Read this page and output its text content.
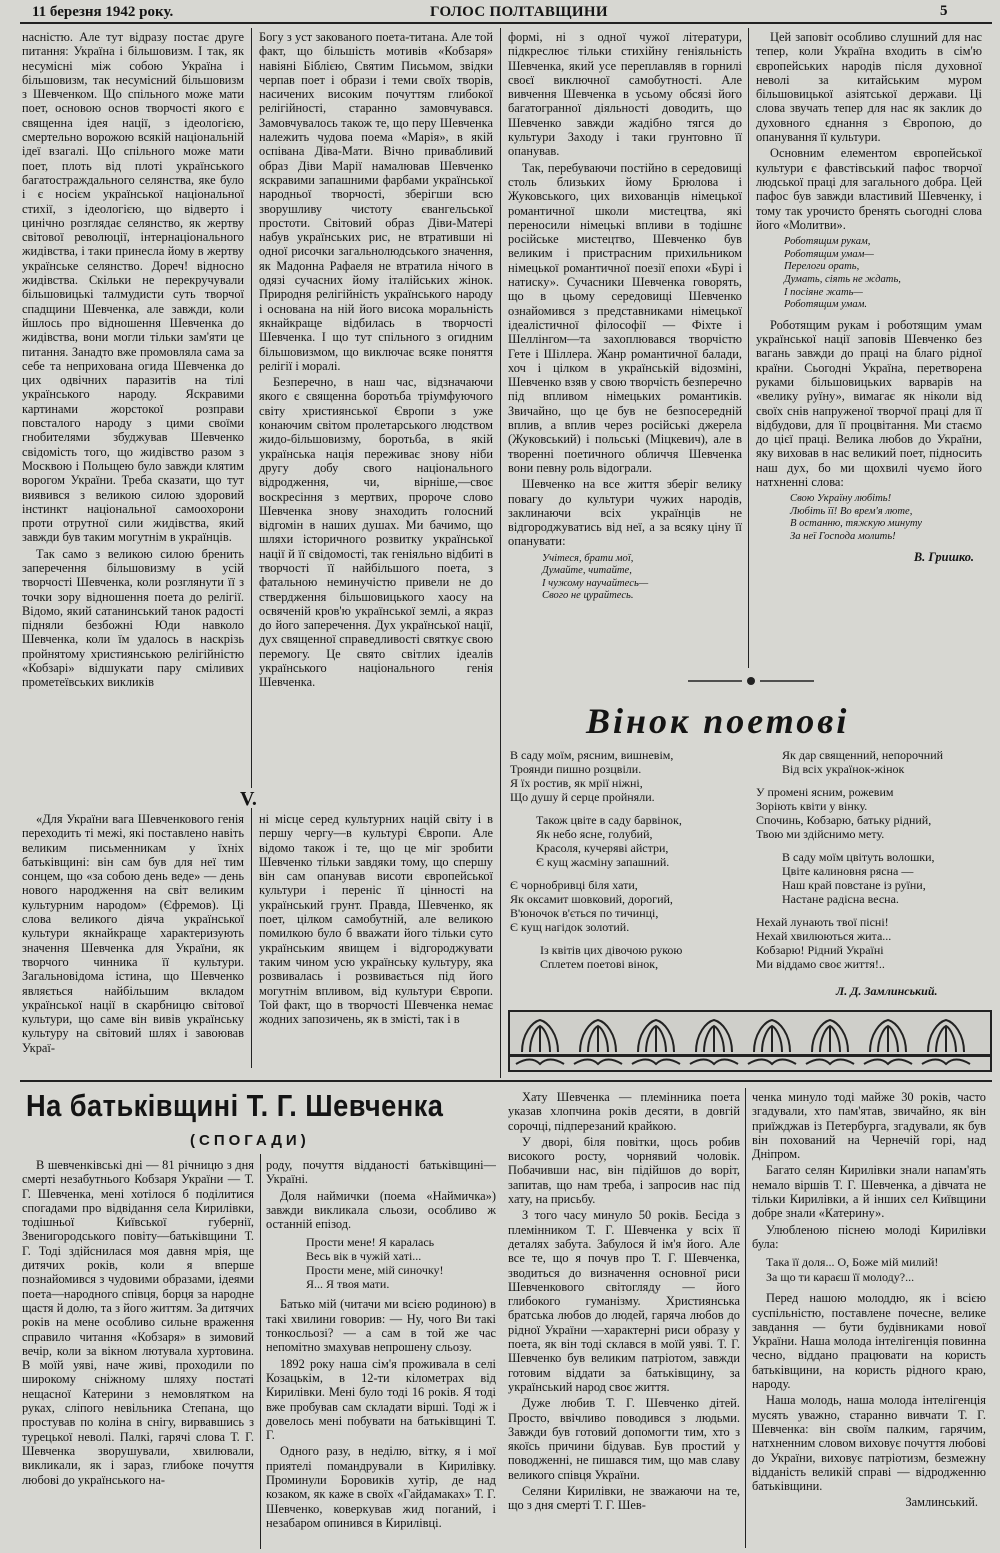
11 березня 1942 року.	ГОЛОС ПОЛТАВЩИНИ	5

насністю. Але тут відразу постає друге питання: Україна і більшовизм. І так, як несумісні між собою Україна і більшовизм, так несумісний більшовизм з Шевченком. Що спільного може мати поет, основою основ творчості якого є священна ідея нації, з ідеологією, смертельно ворожою всякій національній ідеї взагалі. Що спільного може мати поет, плоть від плоті українського багатостраждального селянства, яке було і є носієм української національної стихії, з ідеологією, що відверто і цинічно розглядає селянство, як жертву світової революції, інтернаціонального жидівства, і таки принесла йому в жертву українське селянство. Дореч! відносно жидівства. Скільки не перекручували більшовицькі талмудисти суть творчої спадщини Шевченка, але завжди, коли йшлось про відношення Шевченка до жидівства, вони могли тільки зам'яти це питання. Занадто вже промовляла сама за себе та неприхована огида Шевченка до цих одвічних паразитів на тілі українського народу. Яскравими картинами жорстокої розправи повсталого народу з цими своїми гнобителями збуджував Шевченко свідомість того, що жидівство разом з Москвою і Польщею було завжди клятим ворогом України. Треба сказати, що тут виявився з великою силою здоровий інстинкт національної самоохорони проти отрутної сили жидівства, який завжди був таким могутнім в українців.

Так само з великою силою бренить заперечення більшовизму в усій творчості Шевченка, коли розглянути її з точки зору відношення поета до релігії. Відомо, який сатанинський танок радості підняли безбожні Юди навколо Шевченка, коли їм удалось в наскрізь пройнятому християнською релігійністю «Кобзарі» відшукати пару сміливих прометеївських викликів

Богу з уст закованого поета-титана. Але той факт, що більшість мотивів «Кобзаря» навіяні Біблією, Святим Письмом, звідки черпав поет і образи і теми своїх творів, насичених високим почуттям глибокої релігійності, старанно замовчувався. Замовчувалось також те, що перу Шевченка належить чудова поема «Марія», в якій оспівана Діва-Мати. Вічно привабливий образ Діви Марії намалював Шевченко яскравими запашними фарбами української народньої творчості, зберігши всю зворушливу чистоту євангельської простоти. Світовий образ Діви-Матері набув українських рис, не втративши ні одної рисочки загальнолюдського значення, як Мадонна Рафаеля не втратила нічого в одязі сучасних йому італійських жінок. Природня релігійність українського народу і основана на ній його висока моральність якнайкраще відбилась в творчості Шевченка. І що тут спільного з огидним більшовизмом, що виключає всяке поняття релігії і моралі.

Безперечно, в наш час, відзначаючи якого є священна боротьба тріумфуючого світу християнської Європи з уже конаючим світом пролетарського людством жидо-більшовизму, боротьба, в якій українська нація переживає знову ніби другу добу свого національного відродження, чи, вірніше,—своє воскресіння з мертвих, пророче слово Шевченка знову знаходить голосний відгомін в наших душах. Ми бачимо, що шляхи історичного розвитку української нації й її свідомості, так геніяльно відбиті в творчості її найбільшого поета, з фатальною неминучістю привели не до ствердження більшовицького хаосу на освяченій кров'ю української землі, а якраз до його заперечення. Дух української нації, дух священної справедливості святкує свою перемогу. Це свято світлих ідеалів українського національного генія Шевченка.

формі, ні з одної чужої літератури, підкреслює тільки стихійну геніяльність Шевченка, який усе переплавляв в горнилі своєї виключної самобутності. Але вивчення Шевченка в усьому обсязі його багатогранної діяльності доводить, що Шевченко завжди жадібно тягся до культури Заходу і таки грунтовно її опанував.

Так, перебуваючи постійно в середовищі столь близьких йому Брюлова і Жуковського, цих вихованців німецької романтичної школи мистецтва, які переносили німецькі впливи в тодішнє російське мистецтво, Шевченко був великим і пристрасним прихильником німецької романтичної поезії епохи «Бурі і натиску». Сучасники Шевченка говорять, що в цьому середовищі Шевченко ознайомився з представниками німецької ідеалістичної філософії — Фіхте і Шеллінгом—та захоплювався творчістю Гете і Шіллера. Жанр романтичної балади, хоч і цілком в українській відозміні, Шевченко взяв у свою творчість безперечно під впливом німецьких романтиків. Звичайно, що це був не безпосередній вплив, а вплив через російські джерела (Жуковський) і польські (Міцкевич), але в творенні поетичного обличчя Шевченка вони певну роль відограли.

Шевченко на все життя зберіг велику повагу до культури чужих народів, заклинаючи всіх українців не відгороджуватись від неї, а за всяку ціну її опанувати:

Учітеся, брати мої,
Думайте, читайте,
І чужому научайтесь—
Свого не цурайтесь.

Цей заповіт особливо слушний для нас тепер, коли Україна входить в сім'ю європейських народів після духовної неволі за китайським муром більшовицької азіятської держави. Ці слова звучать тепер для нас як заклик до духовного єднання з Європою, до опанування її культури.

Основним елементом європейської культури є фавстівський пафос творчої людської праці для загального добра. Цей пафос був завжди властивий Шевченку, і тому так урочисто бренять сьогодні слова його «Молитви».

Роботящим рукам,
Роботящим умам—
Перелоги орать,
Думать, сіять не ждать,
І посіяне жать—
Роботящим умам.

Роботящим рукам і роботящим умам української нації заповів Шевченко без вагань завжди до праці на благо рідної країни. Сьогодні Україна, перетворена руками більшовицьких варварів на «велику руїну», вимагає як ніколи від своїх снів напруженої творчої праці для її відбудови, для її процвітання. Ми стаємо до цієї праці. Велика любов до України, яку виховав в нас великий поет, підносить наш дух, бо ми щохвилі чуємо його натхненні слова:

Свою Україну любіть!
Любіть її! Во врем'я люте,
В останню, тяжкую минуту
За неї Господа молить!
В. Гришко.
V.

«Для України вага Шевченкового генія переходить ті межі, які поставлено навіть великим письменникам у їхніх батьківщині: він сам був для неї тим сонцем, що «за собою день веде» — день нового народження на світ великим культурним народом» (Єфремов). Ці слова великого діяча української культури якнайкраще характеризують значення Шевченка для України, як творчого чинника її культури. Загальновідома істина, що Шевченко являється найбільшим вкладом української нації в скарбницю світової культури, що саме він вивів українську культуру на світовий шлях і завоював Украї-

ні місце серед культурних націй світу і в першу чергу—в культурі Європи. Але відомо також і те, що це міг зробити Шевченко тільки завдяки тому, що спершу він сам опанував висоти європейської культури і переніс її цінності на український грунт. Правда, Шевченко, як поет, цілком самобутній, але великою помилкою було б вважати його тільки суто українським явищем і відгороджувати таким чином усю українську культуру, яка розвивалась і розвивається під його могутнім впливом, від культури Європи. Той факт, що в творчості Шевченка немає жодних запозичень, як в змісті, так і в

Вінок поетові
В саду моїм, рясним, вишневім,
Троянди пишно розцвіли.
Я їх ростив, як мрії ніжні,
Що душу й серце пройняли.
Також цвіте в саду барвінок,
Як небо ясне, голубий,
Красоля, кучеряві айстри,
Є кущ жасміну запашний.
Є чорнобривці біля хати,
Як оксамит шовковий, дорогий,
В'юночок в'ється по тичинці,
Є кущ нагідок золотий.
Із квітів цих дівочою рукою
Сплетем поетові вінок,
Як дар священний, непорочний
Від всіх українок-жінок
У промені ясним, рожевим
Зоріють квіти у вінку.
Спочинь, Кобзарю, батьку рідний,
Твою ми здійснимо мету.
В саду моїм цвітуть волошки,
Цвіте калиновня рясна —
Наш край повстане із руїни,
Настане радісна весна.
Нехай лунають твої пісні!
Нехай хвилюються жита...
Кобзарю! Рідний Україні
Ми віддамо своє життя!..
Л. Д. Замлинський.
На батьківщині Т. Г. Шевченка
(СПОГАДИ)

В шевченківські дні — 81 річницю з дня смерті незабутнього Кобзаря України — Т. Г. Шевченка, мені хотілося б поділитися спогадами про відвідання села Кирилівки, тодішньої Київської губернії, Звенигородського повіту—батьківщини Т. Г. Тоді здійснилася моя давня мрія, ще дитячих років, коли я вперше познайомився з чудовими образами, ідеями поета—народного співця, борця за народне щастя й долю, та з його життям. За дитячих років на мене особливо сильне враження справило читання «Кобзаря» в зимовий вечір, коли за вікном лютувала хуртовина. В моїй уяві, наче живі, проходили по широкому сніжному шляху постаті нещасної Катерини з немовлятком на руках, сліпого невільника Степана, що простував по коліна в снігу, вирвавшись з турецької неволі. Палкі, гарячі слова Т. Г. Шевченка зворушували, хвилювали, викликали, як і зараз, глибоке почуття любові до українського на-

роду, почуття відданості батьківщині—Україні.

Доля наймички (поема «Наймичка») завжди викликала сльози, особливо ж останній епізод.

Прости мене! Я каралась
Весь вік в чужій хаті...
Прости мене, мій синочку!
Я... Я твоя мати.

Батько мій (читачи ми всією родиною) в такі хвилини говорив: — Ну, чого Ви такі тонкосльозі? — а сам в той же час непомітно змахував непрошену сльозу.

1892 року наша сім'я проживала в селі Козацькім, в 12-ти кілометрах від Кирилівки. Мені було тоді 16 років. Я тоді вже пробував сам складати вірші. Тоді ж і довелось мені побувати на батьківщині Т. Г.

Одного разу, в неділю, вітку, я і мої приятелі помандрували в Кирилівку. Проминули Боровиків хутір, де над козаком, як каже в своїх «Гайдамаках» Т. Г. Шевченко, коверкував жид поганий, і незабаром опинився в Кирилівці.

Хату Шевченка — племінника поета указав хлопчина років десяти, в довгій сорочці, підперезаний крайкою.

У дворі, біля повітки, щось робив високого росту, чорнявий чоловік. Побачивши нас, він підійшов до воріт, запитав, що нам треба, і запросив нас під хату, на присьбу.

З того часу минуло 50 років. Бесіда з племінником Т. Г. Шевченка у всіх її деталях забута. Забулося й ім'я його. Але все те, що я почув про Т. Г. Шевченка, зводиться до визначення основної риси Шевченкового світогляду — його глибокого гуманізму. Християнська братська любов до людей, гаряча любов до рідної України —характерні риси образу у поета, як він тоді склався в моїй уяві. Т. Г. Шевченко був великим патріотом, завжди готовим віддати за батьківщину, за український народ своє життя.

Дуже любив Т. Г. Шевченко дітей. Просто, ввічливо поводився з людьми. Завжди був готовий допомогти тим, хто з якоїсь причини бідував. Був простий у поводженні, не пишався тим, що мав славу великого співця України.

Селяни Кирилівки, не зважаючи на те, що з дня смерті Т. Г. Шев-

ченка минуло тоді майже 30 років, часто згадували, хто пам'ятав, звичайно, як він приїжджав із Петербурга, згадували, як був він похований на Чернечій горі, над Дніпром.

Багато селян Кирилівки знали напам'ять немало віршів Т. Г. Шевченка, а дівчата не тільки Кирилівки, а й інших сел Київщини добре знали «Катерину».

Улюбленою піснею молоді Кирилівки була:

Така її доля... О, Боже мій милий!
За що ти караєш її молоду?...

Перед нашою молоддю, як і всією суспільністю, поставлене почесне, велике завдання — бути будівниками нової України. Наша молода інтелігенція повинна чесно, віддано працювати на користь батьківщини, на користь рідного краю, народу.

Наша молодь, наша молода інтелігенція мусять уважно, старанно вивчати Т. Г. Шевченка: він своїм палким, гарячим, натхненним словом виховує почуття любові до України, виховує патріотизм, безмежну відданість великій справі — відродженню батьківщини.

Замлинський.
